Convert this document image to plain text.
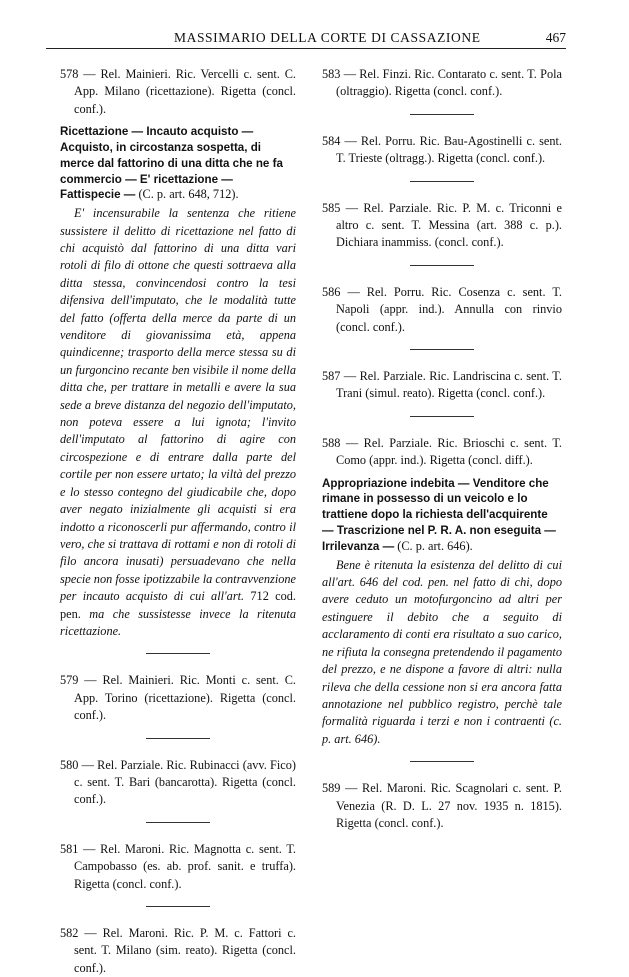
MASSIMARIO DELLA CORTE DI CASSAZIONE	467

578 — Rel. Mainieri. Ric. Vercelli c. sent. C. App. Milano (ricettazione). Rigetta (concl. conf.).

Ricettazione — Incauto acquisto — Acquisto, in circostanza sospetta, di merce dal fattorino di una ditta che ne fa commercio — E' ricettazione — Fattispecie — (C. p. art. 648, 712).

E' incensurabile la sentenza che ritiene sussistere il delitto di ricettazione nel fatto di chi acquistò dal fattorino di una ditta vari rotoli di filo di ottone che questi sottraeva alla ditta stessa, convincendosi contro la tesi difensiva dell'imputato, che le modalità tutte del fatto (offerta della merce da parte di un venditore di giovanissima età, appena quindicenne; trasporto della merce stessa su di un furgoncino recante ben visibile il nome della ditta che, per trattare in metalli e avere la sua sede a breve distanza del negozio dell'imputato, non poteva essere a lui ignota; l'invito dell'imputato al fattorino di agire con circospezione e di entrare dalla parte del cortile per non essere urtato; la viltà del prezzo e lo stesso contegno del giudicabile che, dopo aver negato inizialmente gli acquisti si era indotto a riconoscerli pur affermando, contro il vero, che si trattava di rottami e non di rotoli di filo ancora inusati) persuadevano che nella specie non fosse ipotizzabile la contravvenzione per incauto acquisto di cui all'art. 712 cod. pen. ma che sussistesse invece la ritenuta ricettazione.

579 — Rel. Mainieri. Ric. Monti c. sent. C. App. Torino (ricettazione). Rigetta (concl. conf.).

580 — Rel. Parziale. Ric. Rubinacci (avv. Fico) c. sent. T. Bari (bancarotta). Rigetta (concl. conf.).

581 — Rel. Maroni. Ric. Magnotta c. sent. T. Campobasso (es. ab. prof. sanit. e truffa). Rigetta (concl. conf.).

582 — Rel. Maroni. Ric. P. M. c. Fattori c. sent. T. Milano (sim. reato). Rigetta (concl. conf.).

583 — Rel. Finzi. Ric. Contarato c. sent. T. Pola (oltraggio). Rigetta (concl. conf.).

584 — Rel. Porru. Ric. Bau-Agostinelli c. sent. T. Trieste (oltragg.). Rigetta (concl. conf.).

585 — Rel. Parziale. Ric. P. M. c. Triconni e altro c. sent. T. Messina (art. 388 c. p.). Dichiara inammiss. (concl. conf.).

586 — Rel. Porru. Ric. Cosenza c. sent. T. Napoli (appr. ind.). Annulla con rinvio (concl. conf.).

587 — Rel. Parziale. Ric. Landriscina c. sent. T. Trani (simul. reato). Rigetta (concl. conf.).

588 — Rel. Parziale. Ric. Brioschi c. sent. T. Como (appr. ind.). Rigetta (concl. diff.).

Appropriazione indebita — Venditore che rimane in possesso di un veicolo e lo trattiene dopo la richiesta dell'acquirente — Trascrizione nel P. R. A. non eseguita — Irrilevanza — (C. p. art. 646).

Bene è ritenuta la esistenza del delitto di cui all'art. 646 del cod. pen. nel fatto di chi, dopo avere ceduto un motofurgoncino ad altri per estinguere il debito che a seguito di acclaramento di conti era risultato a suo carico, ne rifiuta la consegna pretendendo il pagamento del prezzo, e ne dispone a favore di altri: nulla rileva che della cessione non si era ancora fatta annotazione nel pubblico registro, perchè tale formalità riguarda i terzi e non i contraenti (c. p. art. 646).

589 — Rel. Maroni. Ric. Scagnolari c. sent. P. Venezia (R. D. L. 27 nov. 1935 n. 1815). Rigetta (concl. conf.).
